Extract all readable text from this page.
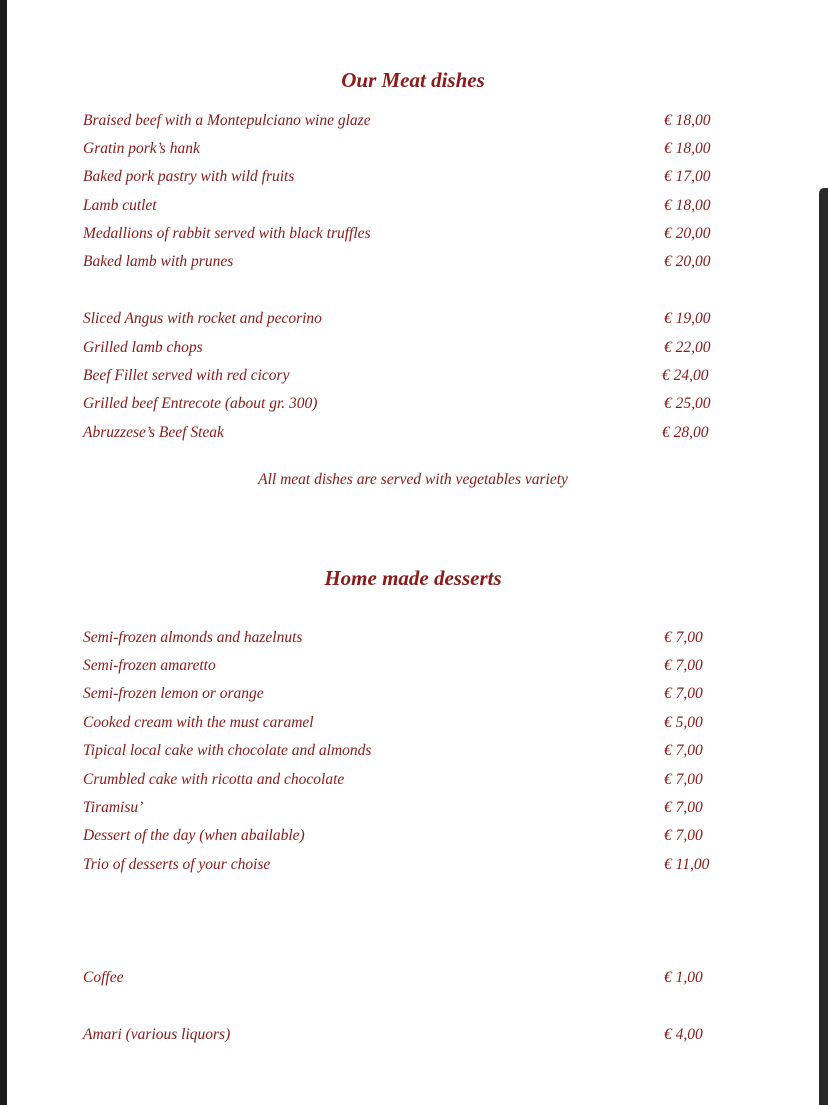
Our Meat dishes
Braised beef with a Montepulciano wine glaze	€ 18,00
Gratin pork’s hank	€ 18,00
Baked pork pastry with wild fruits	€ 17,00
Lamb cutlet	€ 18,00
Medallions of rabbit served with black truffles	€ 20,00
Baked lamb with prunes	€ 20,00
Sliced Angus with rocket and pecorino	€ 19,00
Grilled lamb chops	€ 22,00
Beef Fillet served with red cicory	€ 24,00
Grilled beef Entrecote (about gr. 300)	€ 25,00
Abruzzese’s Beef Steak	€ 28,00
All meat dishes are served with vegetables variety
Home made desserts
Semi-frozen almonds and hazelnuts	€ 7,00
Semi-frozen amaretto	€ 7,00
Semi-frozen lemon or orange	€ 7,00
Cooked cream with the must caramel	€ 5,00
Tipical local cake with chocolate and almonds	€ 7,00
Crumbled cake with ricotta and chocolate	€ 7,00
Tiramisu’	€ 7,00
Dessert of the day (when abailable)	€ 7,00
Trio of desserts of your choise	€ 11,00
Coffee	€ 1,00
Amari (various liquors)	€ 4,00
